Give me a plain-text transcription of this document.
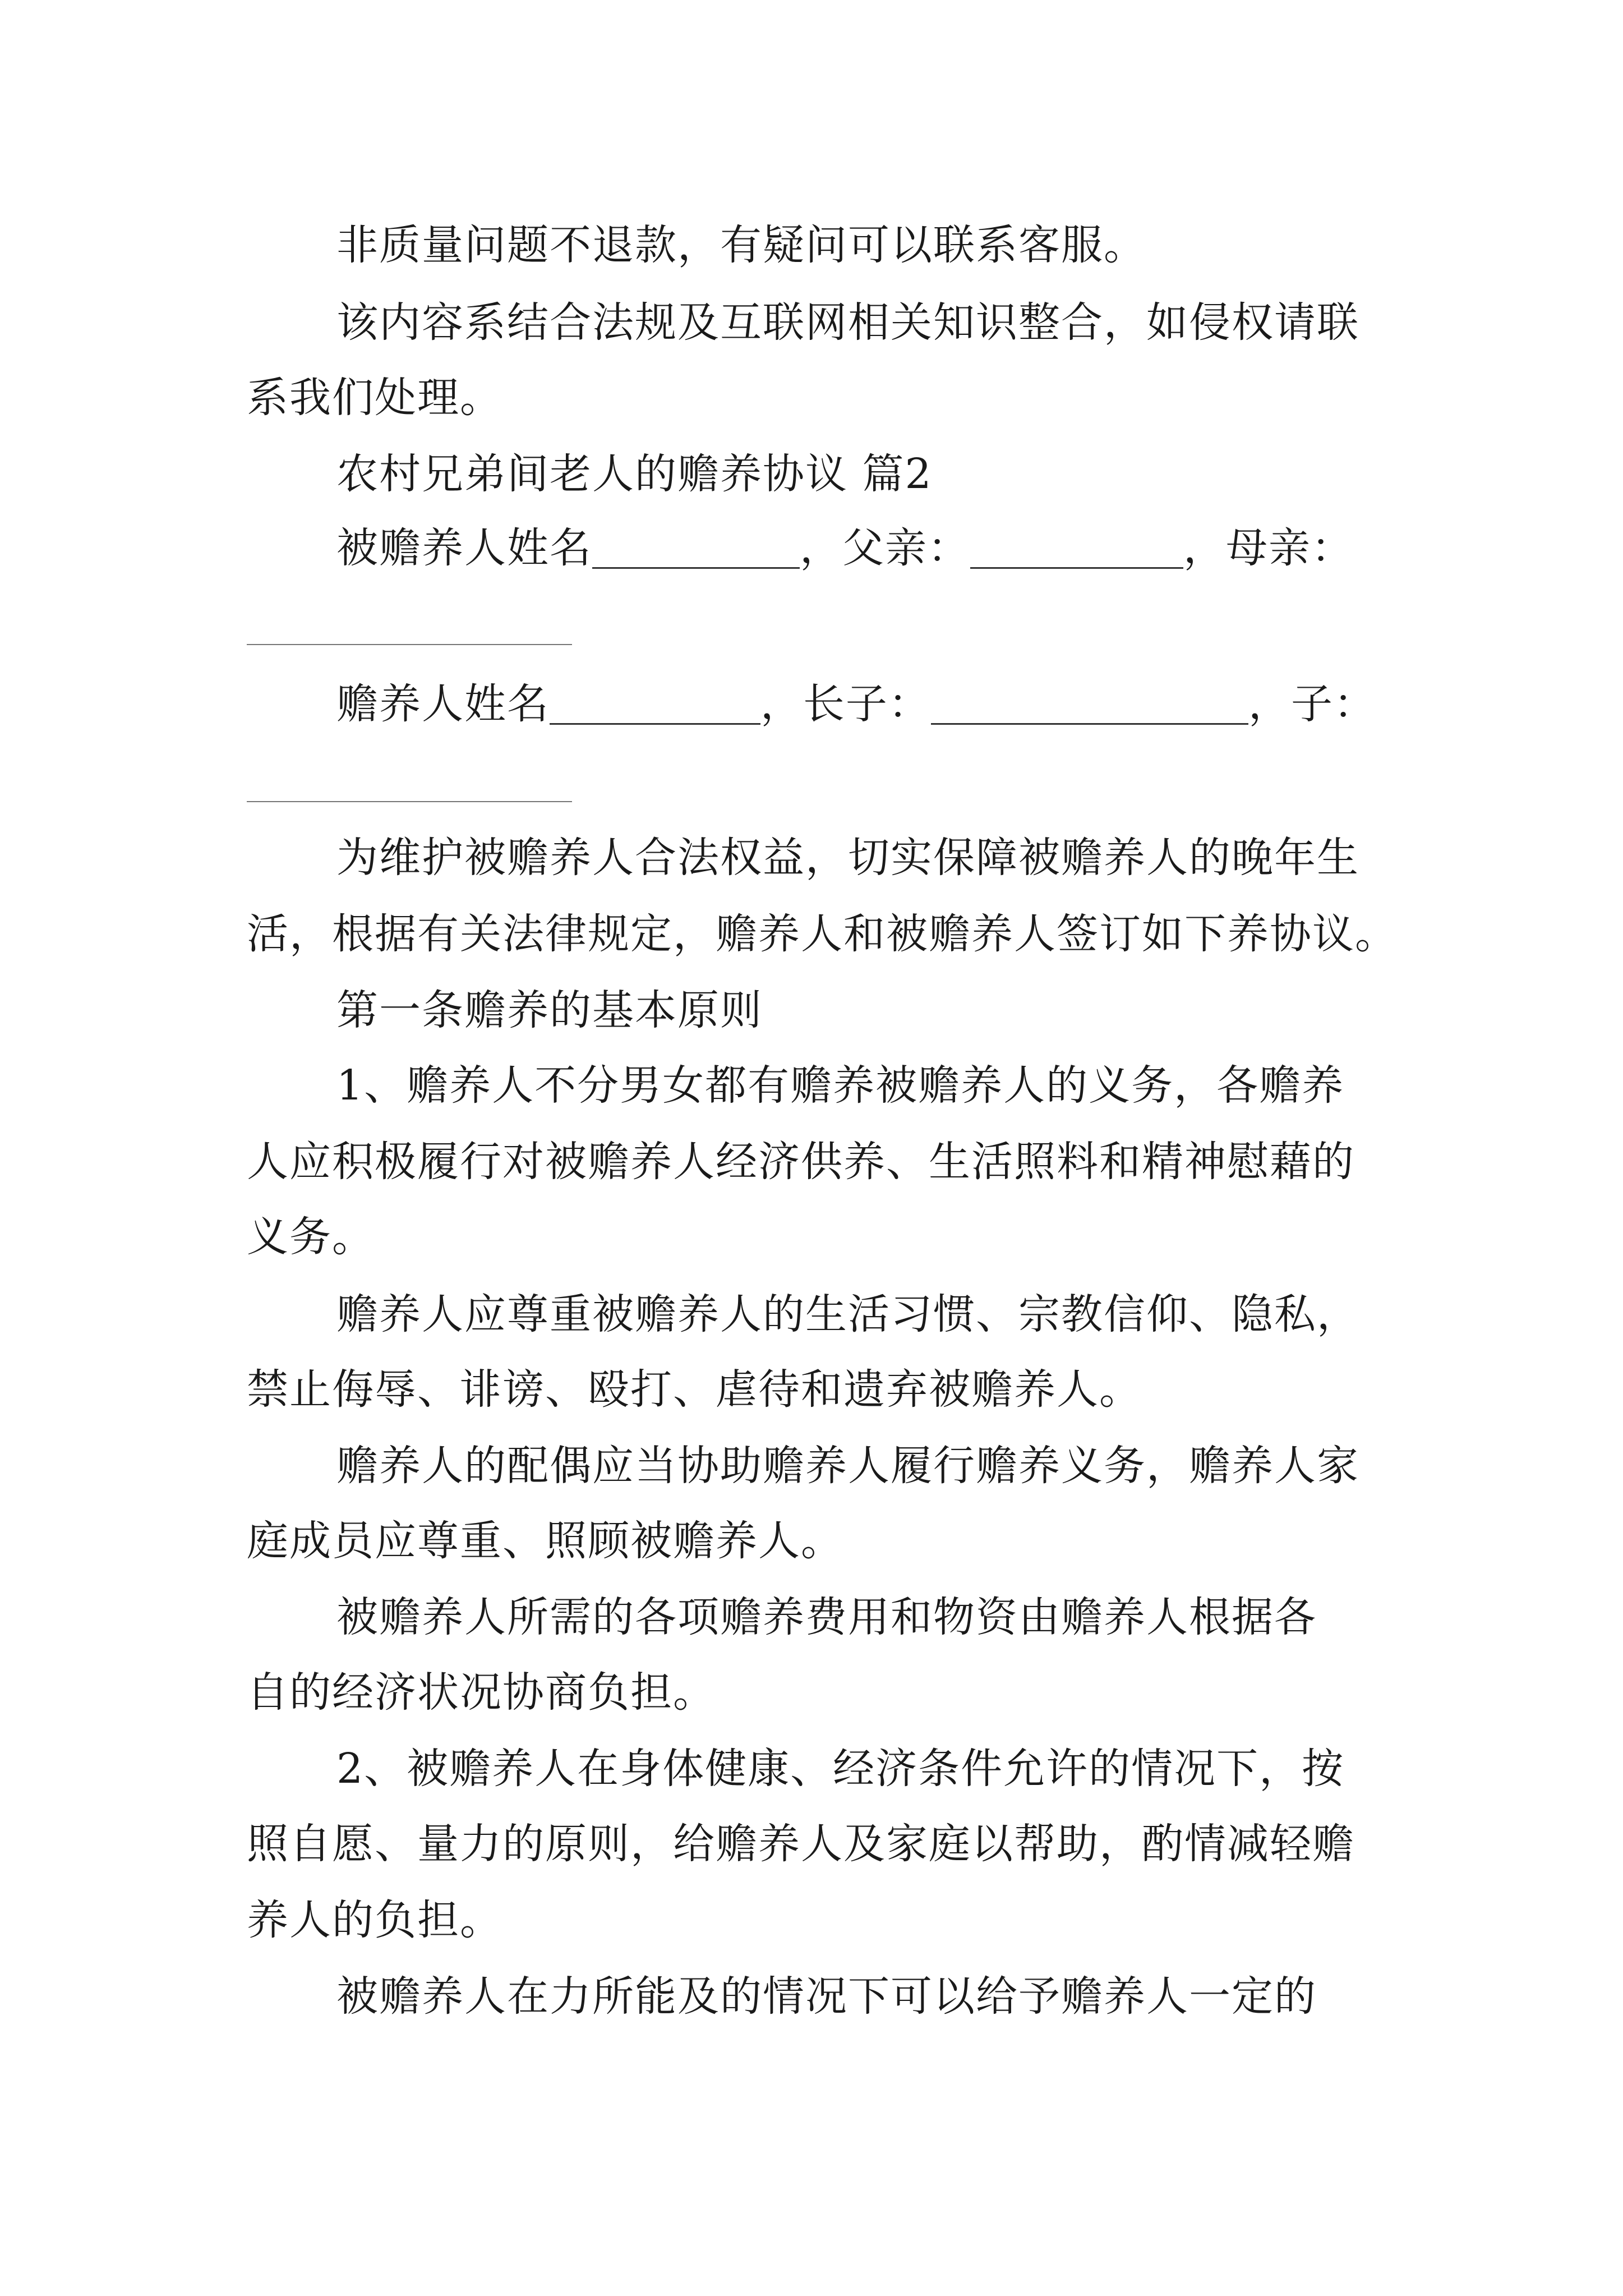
非质量问题不退款，有疑问可以联系客服。
该内容系结合法规及互联网相关知识整合，如侵权请联
系我们处理。
农村兄弟间老人的赡养协议 篇2
被赡养人姓名	，父亲：	，母亲：
赡养人姓名	，长子：	，子：
为维护被赡养人合法权益，切实保障被赡养人的晚年生
活，根据有关法律规定，赡养人和被赡养人签订如下养协议。
第一条赡养的基本原则
1、赡养人不分男女都有赡养被赡养人的义务，各赡养
人应积极履行对被赡养人经济供养、生活照料和精神慰藉的
义务。
赡养人应尊重被赡养人的生活习惯、宗教信仰、隐私，
禁止侮辱、诽谤、殴打、虐待和遗弃被赡养人。
赡养人的配偶应当协助赡养人履行赡养义务，赡养人家
庭成员应尊重、照顾被赡养人。
被赡养人所需的各项赡养费用和物资由赡养人根据各
自的经济状况协商负担。
2、被赡养人在身体健康、经济条件允许的情况下，按
照自愿、量力的原则，给赡养人及家庭以帮助，酌情减轻赡
养人的负担。
被赡养人在力所能及的情况下可以给予赡养人一定的
